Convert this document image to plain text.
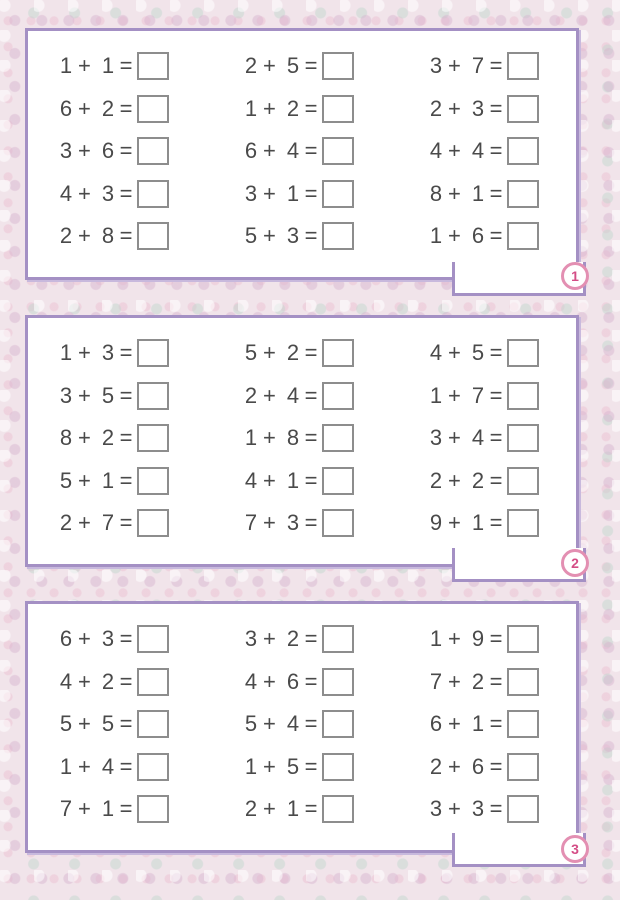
1 + 1 =	2 + 5 =	3 + 7 =
6 + 2 =	1 + 2 =	2 + 3 =
3 + 6 =	6 + 4 =	4 + 4 =
4 + 3 =	3 + 1 =	8 + 1 =
2 + 8 =	5 + 3 =	1 + 6 =
1
1 + 3 =	5 + 2 =	4 + 5 =
3 + 5 =	2 + 4 =	1 + 7 =
8 + 2 =	1 + 8 =	3 + 4 =
5 + 1 =	4 + 1 =	2 + 2 =
2 + 7 =	7 + 3 =	9 + 1 =
2
6 + 3 =	3 + 2 =	1 + 9 =
4 + 2 =	4 + 6 =	7 + 2 =
5 + 5 =	5 + 4 =	6 + 1 =
1 + 4 =	1 + 5 =	2 + 6 =
7 + 1 =	2 + 1 =	3 + 3 =
3
